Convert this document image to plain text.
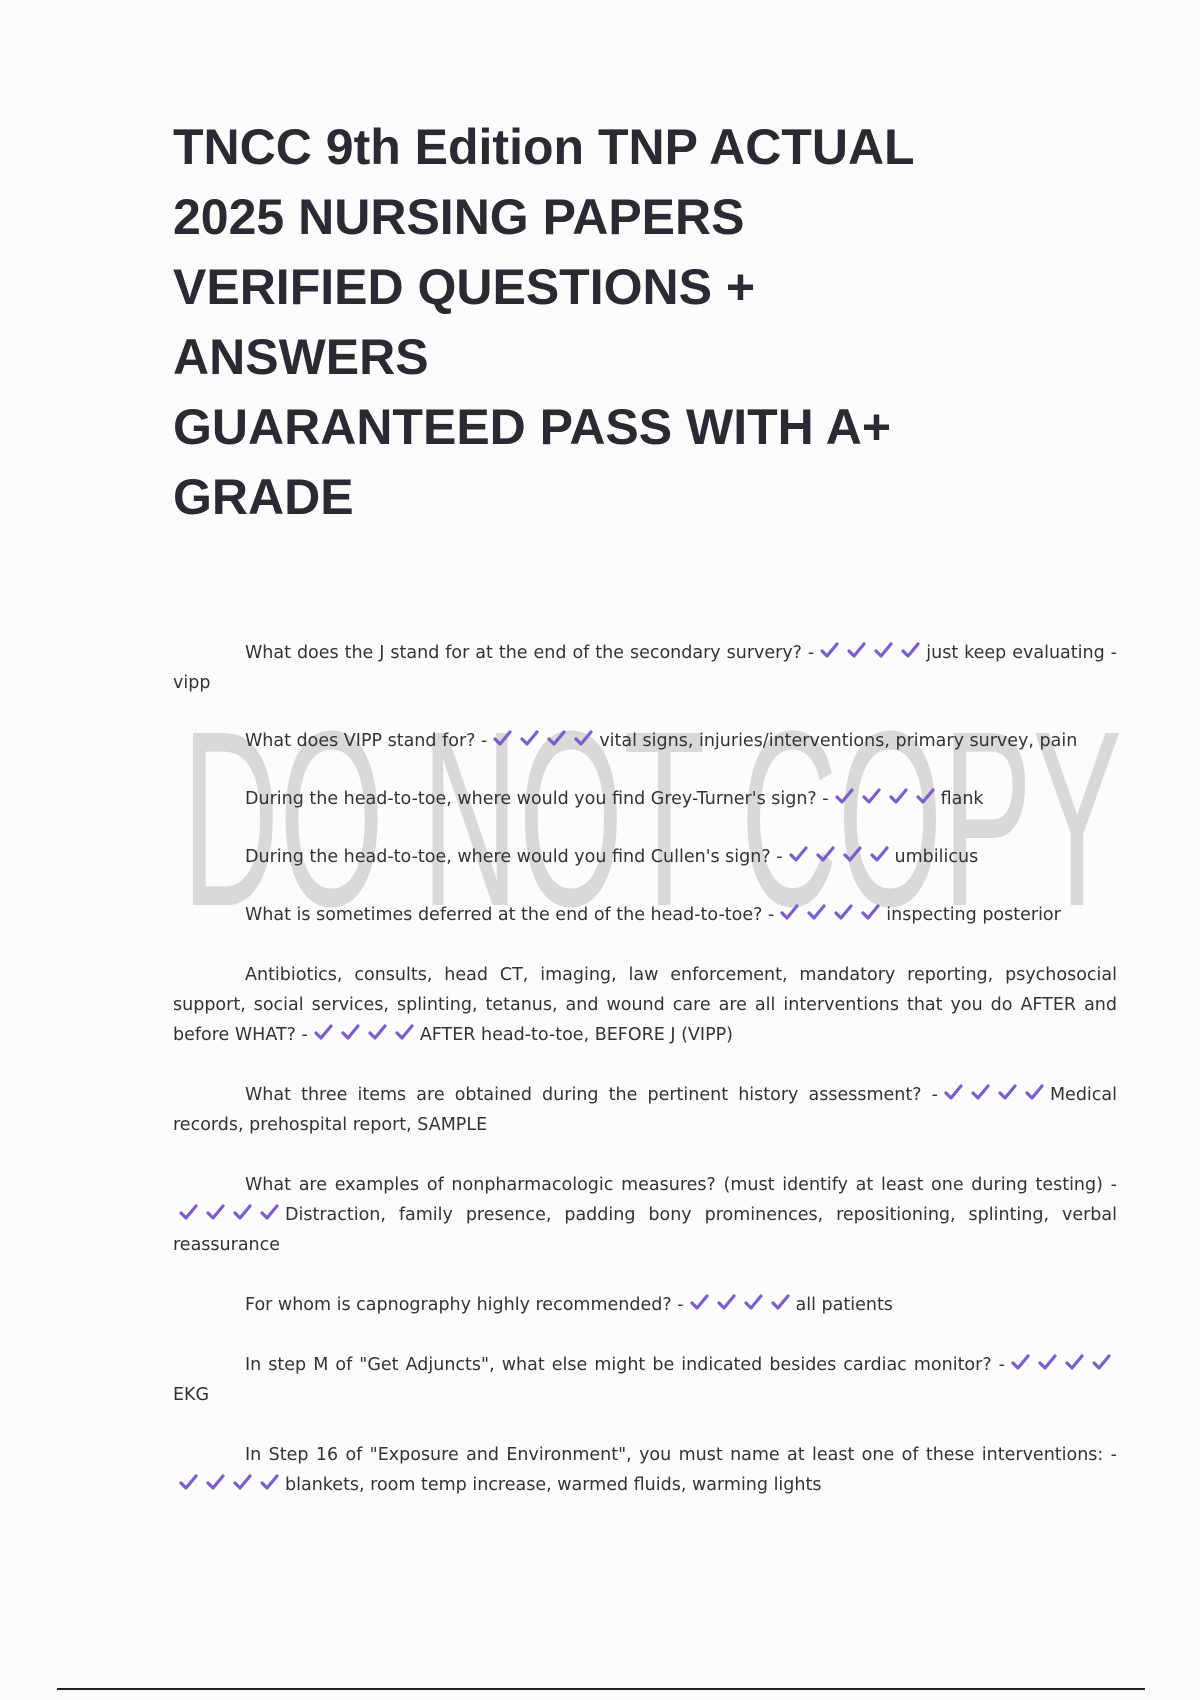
DO NOT COPY
TNCC 9th Edition TNP ACTUAL
2025 NURSING PAPERS
VERIFIED QUESTIONS +
ANSWERS
GUARANTEED PASS WITH A+
GRADE

What does the J stand for at the end of the secondary survery? -	just keep evaluating - vipp

What does VIPP stand for? -	vital signs, injuries/interventions, primary survey, pain

During the head-to-toe, where would you find Grey-Turner's sign? -	flank

During the head-to-toe, where would you find Cullen's sign? -	umbilicus

What is sometimes deferred at the end of the head-to-toe? -	inspecting posterior

Antibiotics, consults, head CT, imaging, law enforcement, mandatory reporting, psychosocial support, social services, splinting, tetanus, and wound care are all interventions that you do AFTER and before WHAT? -	AFTER head-to-toe, BEFORE J (VIPP)

What three items are obtained during the pertinent history assessment? -	Medical records, prehospital report, SAMPLE

What are examples of nonpharmacologic measures? (must identify at least one during testing) -Distraction, family presence, padding bony prominences, repositioning, splinting, verbal reassurance

For whom is capnography highly recommended? -	all patients

In step M of "Get Adjuncts", what else might be indicated besides cardiac monitor? -EKG

In Step 16 of "Exposure and Environment", you must name at least one of these interventions: -blankets, room temp increase, warmed fluids, warming lights
